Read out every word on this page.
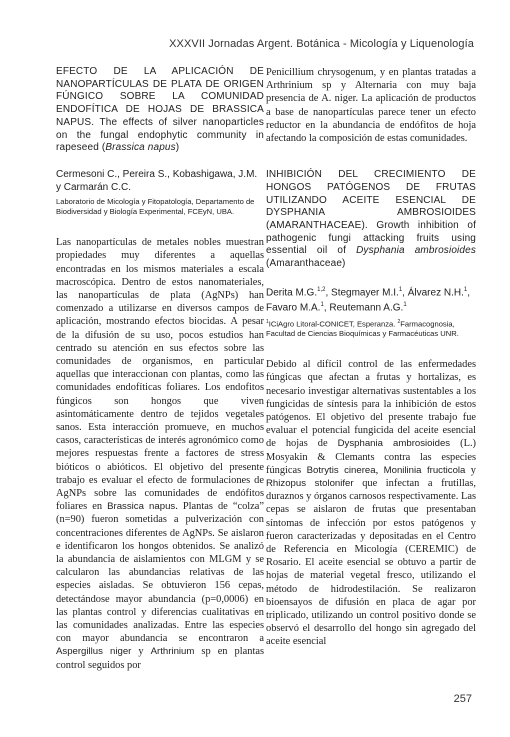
XXXVII Jornadas Argent. Botánica - Micología y Liquenología

EFECTO DE LA APLICACIÓN DE NANOPARTÍCULAS DE PLATA DE ORIGEN FÚNGICO SOBRE LA COMUNIDAD ENDOFÍTICA DE HOJAS DE BRASSICA NAPUS. The effects of silver nanoparticles on the fungal endophytic community in rapeseed (Brassica napus)

Cermesoni C., Pereira S., Kobashigawa, J.M. y Carmarán C.C.

Laboratorio de Micología y Fitopatología, Departamento de Biodiversidad y Biología Experimental, FCEyN, UBA.

Las nanopartículas de metales nobles muestran propiedades muy diferentes a aquellas encontradas en los mismos materiales a escala macroscópica. Dentro de estos nanomateriales, las nanopartículas de plata (AgNPs) han comenzado a utilizarse en diversos campos de aplicación, mostrando efectos biocidas. A pesar de la difusión de su uso, pocos estudios han centrado su atención en sus efectos sobre las comunidades de organismos, en particular aquellas que interaccionan con plantas, como las comunidades endofíticas foliares. Los endofitos fúngicos son hongos que viven asintomáticamente dentro de tejidos vegetales sanos. Esta interacción promueve, en muchos casos, características de interés agronómico como mejores respuestas frente a factores de stress bióticos o abióticos. El objetivo del presente trabajo es evaluar el efecto de formulaciones de AgNPs sobre las comunidades de endófitos foliares en Brassica napus. Plantas de “colza” (n=90) fueron sometidas a pulverización con concentraciones diferentes de AgNPs. Se aislaron e identificaron los hongos obtenidos. Se analizó la abundancia de aislamientos con MLGM y se calcularon las abundancias relativas de las especies aisladas. Se obtuvieron 156 cepas, detectándose mayor abundancia (p=0,0006) en las plantas control y diferencias cualitativas en las comunidades analizadas. Entre las especies con mayor abundancia se encontraron a Aspergillus niger y Arthrinium sp en plantas control seguidos por

Penicillium chrysogenum, y en plantas tratadas a Arthrinium sp y Alternaria con muy baja presencia de A. niger. La aplicación de productos a base de nanopartículas parece tener un efecto reductor en la abundancia de endófitos de hoja afectando la composición de estas comunidades.

INHIBICIÓN DEL CRECIMIENTO DE HONGOS PATÓGENOS DE FRUTAS UTILIZANDO ACEITE ESENCIAL DE DYSPHANIA AMBROSIOIDES (AMARANTHACEAE). Growth inhibition of pathogenic fungi attacking fruits using essential oil of Dysphania ambrosioides (Amaranthaceae)

Derita M.G.$^{1,2}$, Stegmayer M.I.$^1$, Álvarez N.H.$^1$, Favaro M.A.$^1$, Reutemann A.G.$^1$

$^1$ICiAgro Litoral-CONICET, Esperanza. $^2$Farmacognosia, Facultad de Ciencias Bioquímicas y Farmacéuticas UNR.

Debido al difícil control de las enfermedades fúngicas que afectan a frutas y hortalizas, es necesario investigar alternativas sustentables a los fungicidas de síntesis para la inhibición de estos patógenos. El objetivo del presente trabajo fue evaluar el potencial fungicida del aceite esencial de hojas de Dysphania ambrosioides (L.) Mosyakin & Clemants contra las especies fúngicas Botrytis cinerea, Monilinia fructicola y Rhizopus stolonifer que infectan a frutillas, duraznos y órganos carnosos respectivamente. Las cepas se aislaron de frutas que presentaban síntomas de infección por estos patógenos y fueron caracterizadas y depositadas en el Centro de Referencia en Micología (CEREMIC) de Rosario. El aceite esencial se obtuvo a partir de hojas de material vegetal fresco, utilizando el método de hidrodestilación. Se realizaron bioensayos de difusión en placa de agar por triplicado, utilizando un control positivo donde se observó el desarrollo del hongo sin agregado del aceite esencial

257
